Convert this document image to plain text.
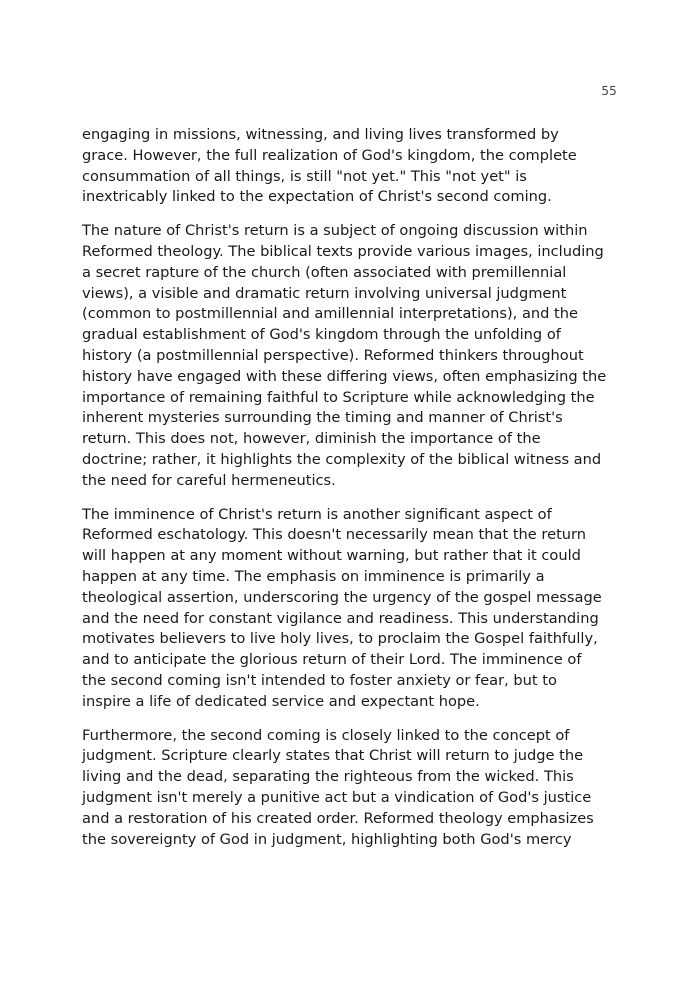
55

engaging in missions, witnessing, and living lives transformed by
grace. However, the full realization of God's kingdom, the complete
consummation of all things, is still "not yet." This "not yet" is
inextricably linked to the expectation of Christ's second coming.

The nature of Christ's return is a subject of ongoing discussion within
Reformed theology. The biblical texts provide various images, including
a secret rapture of the church (often associated with premillennial
views), a visible and dramatic return involving universal judgment
(common to postmillennial and amillennial interpretations), and the
gradual establishment of God's kingdom through the unfolding of
history (a postmillennial perspective). Reformed thinkers throughout
history have engaged with these differing views, often emphasizing the
importance of remaining faithful to Scripture while acknowledging the
inherent mysteries surrounding the timing and manner of Christ's
return. This does not, however, diminish the importance of the
doctrine; rather, it highlights the complexity of the biblical witness and
the need for careful hermeneutics.

The imminence of Christ's return is another significant aspect of
Reformed eschatology. This doesn't necessarily mean that the return
will happen at any moment without warning, but rather that it could
happen at any time. The emphasis on imminence is primarily a
theological assertion, underscoring the urgency of the gospel message
and the need for constant vigilance and readiness. This understanding
motivates believers to live holy lives, to proclaim the Gospel faithfully,
and to anticipate the glorious return of their Lord. The imminence of
the second coming isn't intended to foster anxiety or fear, but to
inspire a life of dedicated service and expectant hope.

Furthermore, the second coming is closely linked to the concept of
judgment. Scripture clearly states that Christ will return to judge the
living and the dead, separating the righteous from the wicked. This
judgment isn't merely a punitive act but a vindication of God's justice
and a restoration of his created order. Reformed theology emphasizes
the sovereignty of God in judgment, highlighting both God's mercy
